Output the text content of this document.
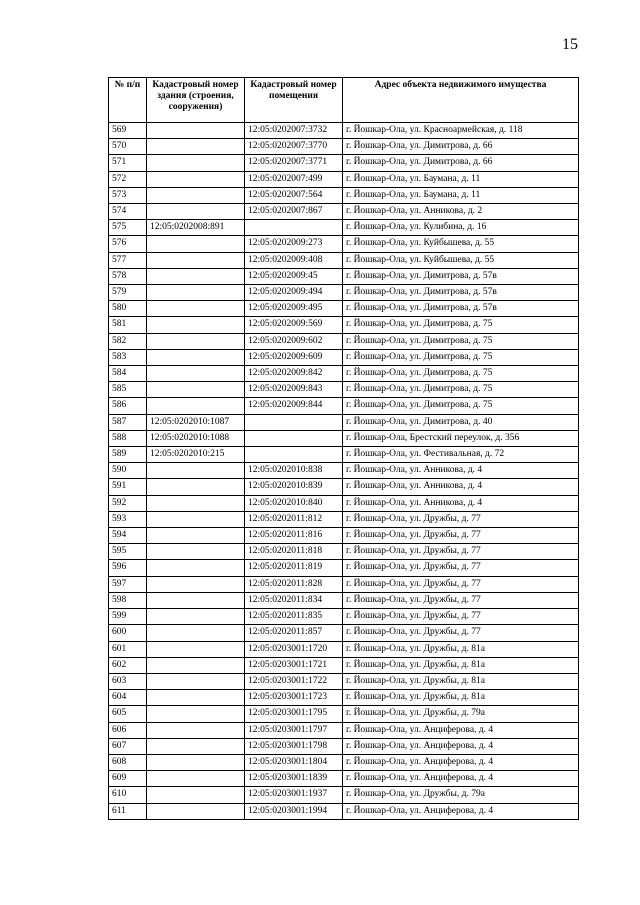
15
№ п/п	Кадастровый номер здания (строения, сооружения)	Кадастровый номер помещения	Адрес объекта недвижимого имущества
569		12:05:0202007:3732	г. Йошкар-Ола, ул. Красноармейская, д. 118
570		12:05:0202007:3770	г. Йошкар-Ола, ул. Димитрова, д. 66
571		12:05:0202007:3771	г. Йошкар-Ола, ул. Димитрова, д. 66
572		12:05:0202007:499	г. Йошкар-Ола, ул. Баумана, д. 11
573		12:05:0202007:564	г. Йошкар-Ола, ул. Баумана, д. 11
574		12:05:0202007:867	г. Йошкар-Ола, ул. Анникова, д. 2
575	12:05:0202008:891		г. Йошкар-Ола, ул. Кулибина, д. 16
576		12:05:0202009:273	г. Йошкар-Ола, ул. Куйбышева, д. 55
577		12:05:0202009:408	г. Йошкар-Ола, ул. Куйбышева, д. 55
578		12:05:0202009:45	г. Йошкар-Ола, ул. Димитрова, д. 57в
579		12:05:0202009:494	г. Йошкар-Ола, ул. Димитрова, д. 57в
580		12:05:0202009:495	г. Йошкар-Ола, ул. Димитрова, д. 57в
581		12:05:0202009:569	г. Йошкар-Ола, ул. Димитрова, д. 75
582		12:05:0202009:602	г. Йошкар-Ола, ул. Димитрова, д. 75
583		12:05:0202009:609	г. Йошкар-Ола, ул. Димитрова, д. 75
584		12:05:0202009:842	г. Йошкар-Ола, ул. Димитрова, д. 75
585		12:05:0202009:843	г. Йошкар-Ола, ул. Димитрова, д. 75
586		12:05:0202009:844	г. Йошкар-Ола, ул. Димитрова, д. 75
587	12:05:0202010:1087		г. Йошкар-Ола, ул. Димитрова, д. 40
588	12:05:0202010:1088		г. Йошкар-Ола, Брестский переулок, д. 356
589	12:05:0202010:215		г. Йошкар-Ола, ул. Фестивальная, д. 72
590		12:05:0202010:838	г. Йошкар-Ола, ул. Анникова, д. 4
591		12:05:0202010:839	г. Йошкар-Ола, ул. Анникова, д. 4
592		12:05:0202010:840	г. Йошкар-Ола, ул. Анникова, д. 4
593		12:05:0202011:812	г. Йошкар-Ола, ул. Дружбы, д. 77
594		12:05:0202011:816	г. Йошкар-Ола, ул. Дружбы, д. 77
595		12:05:0202011:818	г. Йошкар-Ола, ул. Дружбы, д. 77
596		12:05:0202011:819	г. Йошкар-Ола, ул. Дружбы, д. 77
597		12:05:0202011:828	г. Йошкар-Ола, ул. Дружбы, д. 77
598		12:05:0202011:834	г. Йошкар-Ола, ул. Дружбы, д. 77
599		12:05:0202011:835	г. Йошкар-Ола, ул. Дружбы, д. 77
600		12:05:0202011:857	г. Йошкар-Ола, ул. Дружбы, д. 77
601		12:05:0203001:1720	г. Йошкар-Ола, ул. Дружбы, д. 81а
602		12:05:0203001:1721	г. Йошкар-Ола, ул. Дружбы, д. 81а
603		12:05:0203001:1722	г. Йошкар-Ола, ул. Дружбы, д. 81а
604		12:05:0203001:1723	г. Йошкар-Ола, ул. Дружбы, д. 81а
605		12:05:0203001:1795	г. Йошкар-Ола, ул. Дружбы, д. 79а
606		12:05:0203001:1797	г. Йошкар-Ола, ул. Анциферова, д. 4
607		12:05:0203001:1798	г. Йошкар-Ола, ул. Анциферова, д. 4
608		12:05:0203001:1804	г. Йошкар-Ола, ул. Анциферова, д. 4
609		12:05:0203001:1839	г. Йошкар-Ола, ул. Анциферова, д. 4
610		12:05:0203001:1937	г. Йошкар-Ола, ул. Дружбы, д. 79а
611		12:05:0203001:1994	г. Йошкар-Ола, ул. Анциферова, д. 4
